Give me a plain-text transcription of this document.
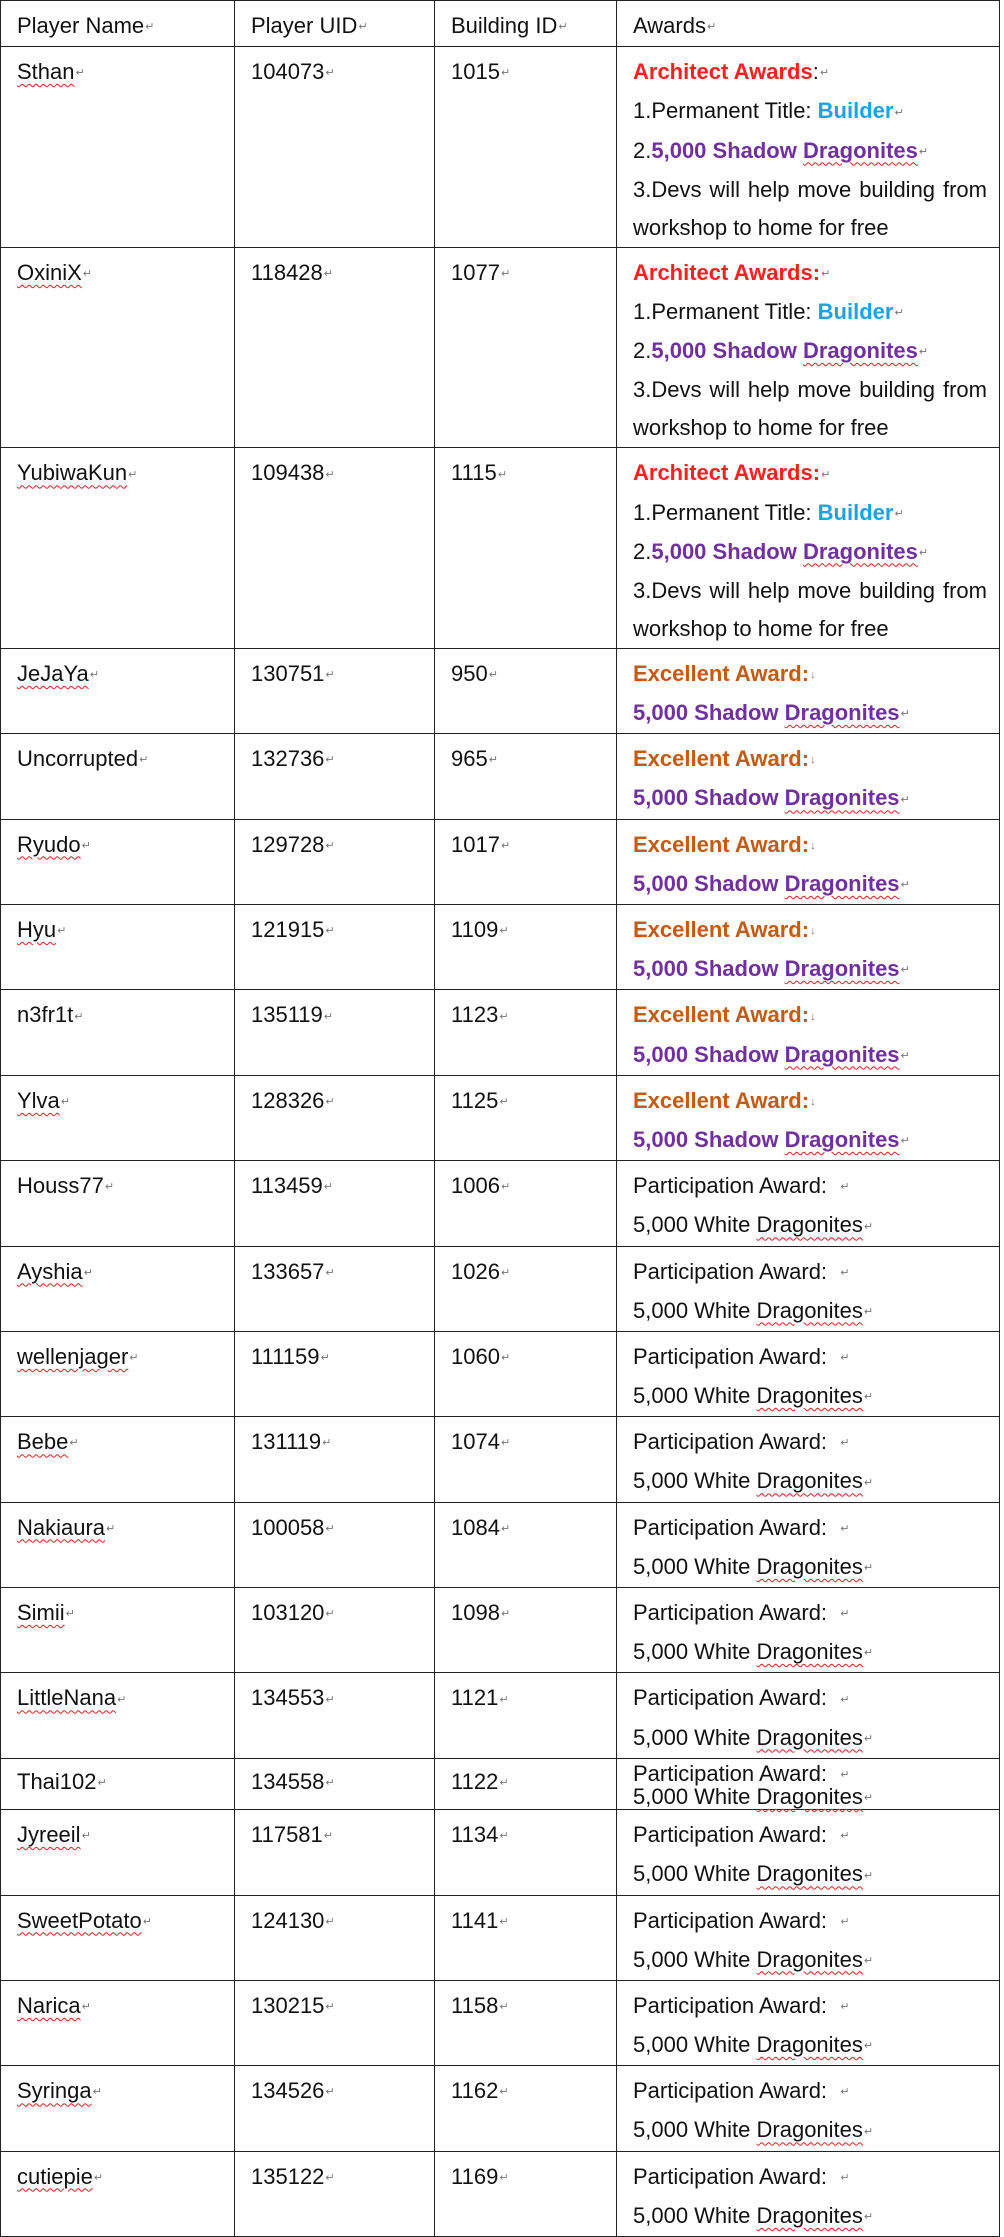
Player Name↵	Player UID↵	Building ID↵	Awards↵
Sthan↵	104073↵	1015↵	Architect Awards:↵
1.Permanent Title: Builder↵
2.5,000 Shadow Dragonites↵
3.Devs will help move building from workshop to home for free

OxiniX↵	118428↵	1077↵	Architect Awards:↵
1.Permanent Title: Builder↵
2.5,000 Shadow Dragonites↵
3.Devs will help move building from workshop to home for free

YubiwaKun↵	109438↵	1115↵	Architect Awards:↵
1.Permanent Title: Builder↵
2.5,000 Shadow Dragonites↵
3.Devs will help move building from workshop to home for free

JeJaYa↵	130751↵	950↵	Excellent Award:↓
5,000 Shadow Dragonites↵

Uncorrupted↵	132736↵	965↵	Excellent Award:↓
5,000 Shadow Dragonites↵

Ryudo↵	129728↵	1017↵	Excellent Award:↓
5,000 Shadow Dragonites↵

Hyu↵	121915↵	1109↵	Excellent Award:↓
5,000 Shadow Dragonites↵

n3fr1t↵	135119↵	1123↵	Excellent Award:↓
5,000 Shadow Dragonites↵

Ylva↵	128326↵	1125↵	Excellent Award:↓
5,000 Shadow Dragonites↵

Houss77↵	113459↵	1006↵	Participation Award: ↵
5,000 White Dragonites↵

Ayshia↵	133657↵	1026↵	Participation Award: ↵
5,000 White Dragonites↵

wellenjager↵	111159↵	1060↵	Participation Award: ↵
5,000 White Dragonites↵

Bebe↵	131119↵	1074↵	Participation Award: ↵
5,000 White Dragonites↵

Nakiaura↵	100058↵	1084↵	Participation Award: ↵
5,000 White Dragonites↵

Simii↵	103120↵	1098↵	Participation Award: ↵
5,000 White Dragonites↵

LittleNana↵	134553↵	1121↵	Participation Award: ↵
5,000 White Dragonites↵

Thai102↵	134558↵	1122↵	Participation Award: ↵
5,000 White Dragonites↵

Jyreeil↵	117581↵	1134↵	Participation Award: ↵
5,000 White Dragonites↵

SweetPotato↵	124130↵	1141↵	Participation Award: ↵
5,000 White Dragonites↵

Narica↵	130215↵	1158↵	Participation Award: ↵
5,000 White Dragonites↵

Syringa↵	134526↵	1162↵	Participation Award: ↵
5,000 White Dragonites↵

cutiepie↵	135122↵	1169↵	Participation Award: ↵
5,000 White Dragonites↵
